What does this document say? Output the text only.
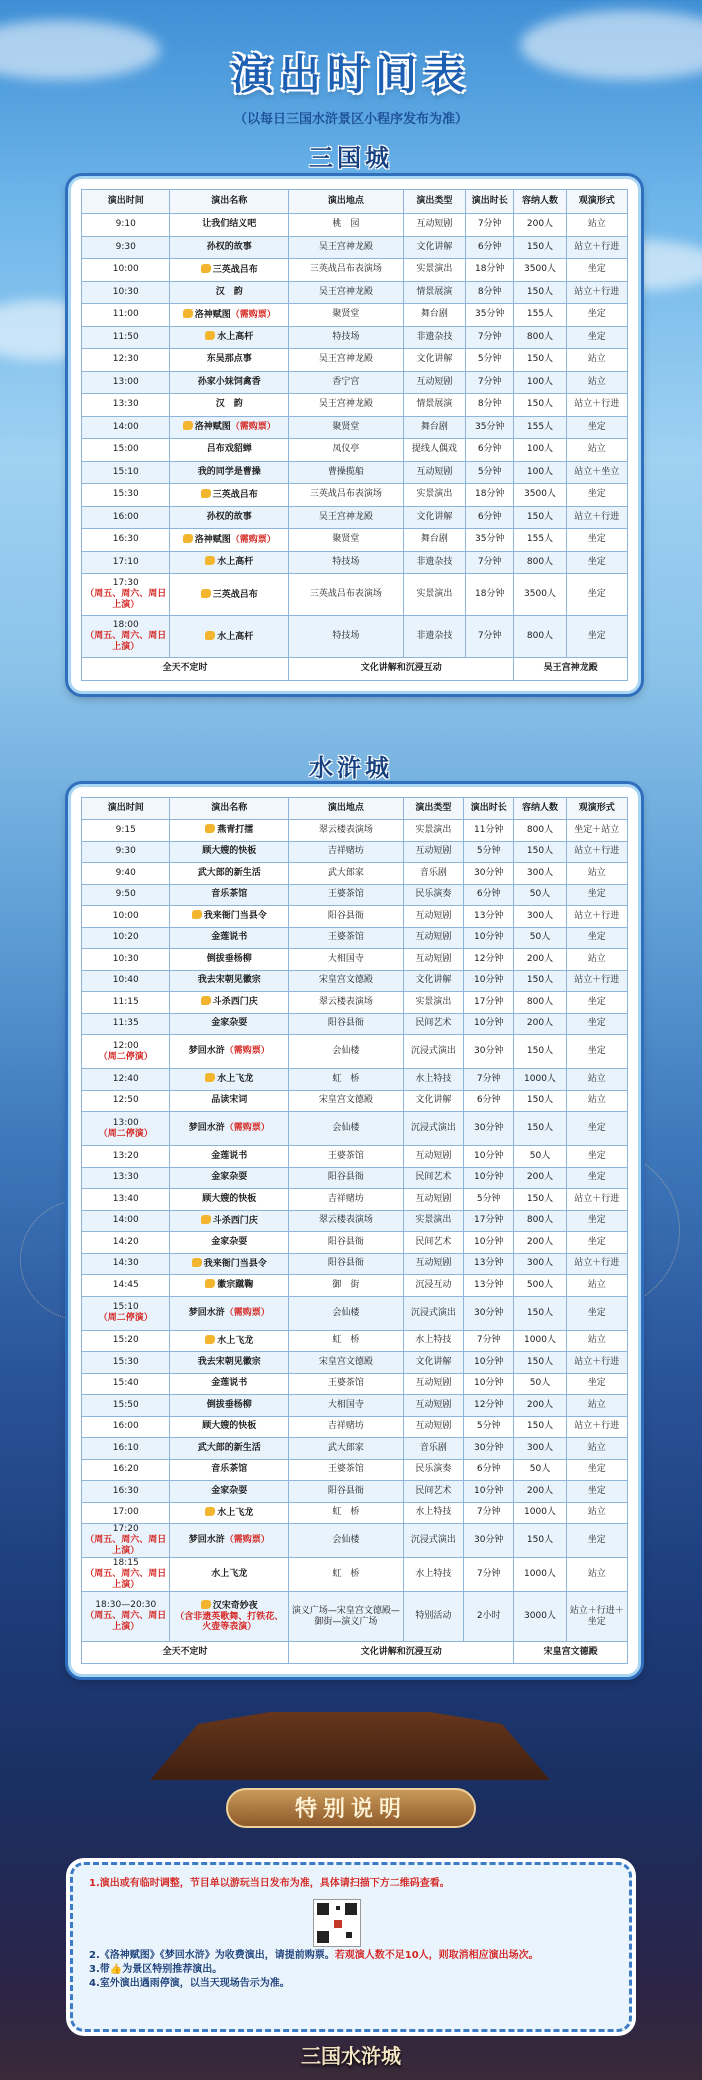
演出时间表
（以每日三国水浒景区小程序发布为准）
三国城
演出时间	演出名称	演出地点	演出类型	演出时长	容纳人数	观演形式
9:10	让我们结义吧	桃　园	互动短剧	7分钟	200人	站立
9:30	孙权的故事	吴王宫神龙殿	文化讲解	6分钟	150人	站立＋行进
10:00	三英战吕布	三英战吕布表演场	实景演出	18分钟	3500人	坐定
10:30	汉　韵	吴王宫神龙殿	情景展演	8分钟	150人	站立＋行进
11:00	洛神赋图（需购票）	聚贤堂	舞台剧	35分钟	155人	坐定
11:50	水上高杆	特技场	非遗杂技	7分钟	800人	坐定
12:30	东吴那点事	吴王宫神龙殿	文化讲解	5分钟	150人	站立
13:00	孙家小妹饲禽香	香宁宫	互动短剧	7分钟	100人	站立
13:30	汉　韵	吴王宫神龙殿	情景展演	8分钟	150人	站立＋行进
14:00	洛神赋图（需购票）	聚贤堂	舞台剧	35分钟	155人	坐定
15:00	吕布戏貂蝉	凤仪亭	提线人偶戏	6分钟	100人	站立
15:10	我的同学是曹操	曹操揽船	互动短剧	5分钟	100人	站立＋坐立
15:30	三英战吕布	三英战吕布表演场	实景演出	18分钟	3500人	坐定
16:00	孙权的故事	吴王宫神龙殿	文化讲解	6分钟	150人	站立＋行进
16:30	洛神赋图（需购票）	聚贤堂	舞台剧	35分钟	155人	坐定
17:10	水上高杆	特技场	非遗杂技	7分钟	800人	坐定
17:30
（周五、周六、周日上演）	三英战吕布	三英战吕布表演场	实景演出	18分钟	3500人	坐定
18:00
（周五、周六、周日上演）	水上高杆	特技场	非遗杂技	7分钟	800人	坐定
全天不定时		文化讲解和沉浸互动			吴王宫神龙殿	
水浒城
演出时间	演出名称	演出地点	演出类型	演出时长	容纳人数	观演形式
9:15	燕青打擂	翠云楼表演场	实景演出	11分钟	800人	坐定＋站立
9:30	顾大嫂的快板	吉祥赌坊	互动短剧	5分钟	150人	站立＋行进
9:40	武大郎的新生活	武大郎家	音乐剧	30分钟	300人	站立
9:50	音乐茶馆	王婆茶馆	民乐演奏	6分钟	50人	坐定
10:00	我来衙门当县令	阳谷县衙	互动短剧	13分钟	300人	站立＋行进
10:20	金莲说书	王婆茶馆	互动短剧	10分钟	50人	坐定
10:30	倒拔垂杨柳	大相国寺	互动短剧	12分钟	200人	站立
10:40	我去宋朝见徽宗	宋皇宫文德殿	文化讲解	10分钟	150人	站立＋行进
11:15	斗杀西门庆	翠云楼表演场	实景演出	17分钟	800人	坐定
11:35	金家杂耍	阳谷县衙	民间艺术	10分钟	200人	坐定
12:00
（周二停演）	梦回水浒（需购票）	会仙楼	沉浸式演出	30分钟	150人	坐定
12:40	水上飞龙	虹　桥	水上特技	7分钟	1000人	站立
12:50	品读宋词	宋皇宫文德殿	文化讲解	6分钟	150人	站立
13:00
（周二停演）	梦回水浒（需购票）	会仙楼	沉浸式演出	30分钟	150人	坐定
13:20	金莲说书	王婆茶馆	互动短剧	10分钟	50人	坐定
13:30	金家杂耍	阳谷县衙	民间艺术	10分钟	200人	坐定
13:40	顾大嫂的快板	吉祥赌坊	互动短剧	5分钟	150人	站立＋行进
14:00	斗杀西门庆	翠云楼表演场	实景演出	17分钟	800人	坐定
14:20	金家杂耍	阳谷县衙	民间艺术	10分钟	200人	坐定
14:30	我来衙门当县令	阳谷县衙	互动短剧	13分钟	300人	站立＋行进
14:45	徽宗蹴鞠	御　街	沉浸互动	13分钟	500人	站立
15:10
（周二停演）	梦回水浒（需购票）	会仙楼	沉浸式演出	30分钟	150人	坐定
15:20	水上飞龙	虹　桥	水上特技	7分钟	1000人	站立
15:30	我去宋朝见徽宗	宋皇宫文德殿	文化讲解	10分钟	150人	站立＋行进
15:40	金莲说书	王婆茶馆	互动短剧	10分钟	50人	坐定
15:50	倒拔垂杨柳	大相国寺	互动短剧	12分钟	200人	站立
16:00	顾大嫂的快板	吉祥赌坊	互动短剧	5分钟	150人	站立＋行进
16:10	武大郎的新生活	武大郎家	音乐剧	30分钟	300人	站立
16:20	音乐茶馆	王婆茶馆	民乐演奏	6分钟	50人	坐定
16:30	金家杂耍	阳谷县衙	民间艺术	10分钟	200人	坐定
17:00	水上飞龙	虹　桥	水上特技	7分钟	1000人	站立
17:20
（周五、周六、周日上演）	梦回水浒（需购票）	会仙楼	沉浸式演出	30分钟	150人	坐定
18:15
（周五、周六、周日上演）	水上飞龙	虹　桥	水上特技	7分钟	1000人	站立
18:30—20:30
（周五、周六、周日上演）	汉宋奇妙夜
（含非遗英歌舞、打铁花、火壶等表演）	演义广场—宋皇宫文德殿—御街—演义广场	特别活动	2小时	3000人	站立＋行进＋坐定
全天不定时		文化讲解和沉浸互动			宋皇宫文德殿	
特别说明

1.演出或有临时调整，节目单以游玩当日发布为准，具体请扫描下方二维码查看。

2.《洛神赋图》《梦回水浒》为收费演出，请提前购票。若观演人数不足10人，则取消相应演出场次。

3.带👍为景区特别推荐演出。

4.室外演出遇雨停演，以当天现场告示为准。

三国水浒城
